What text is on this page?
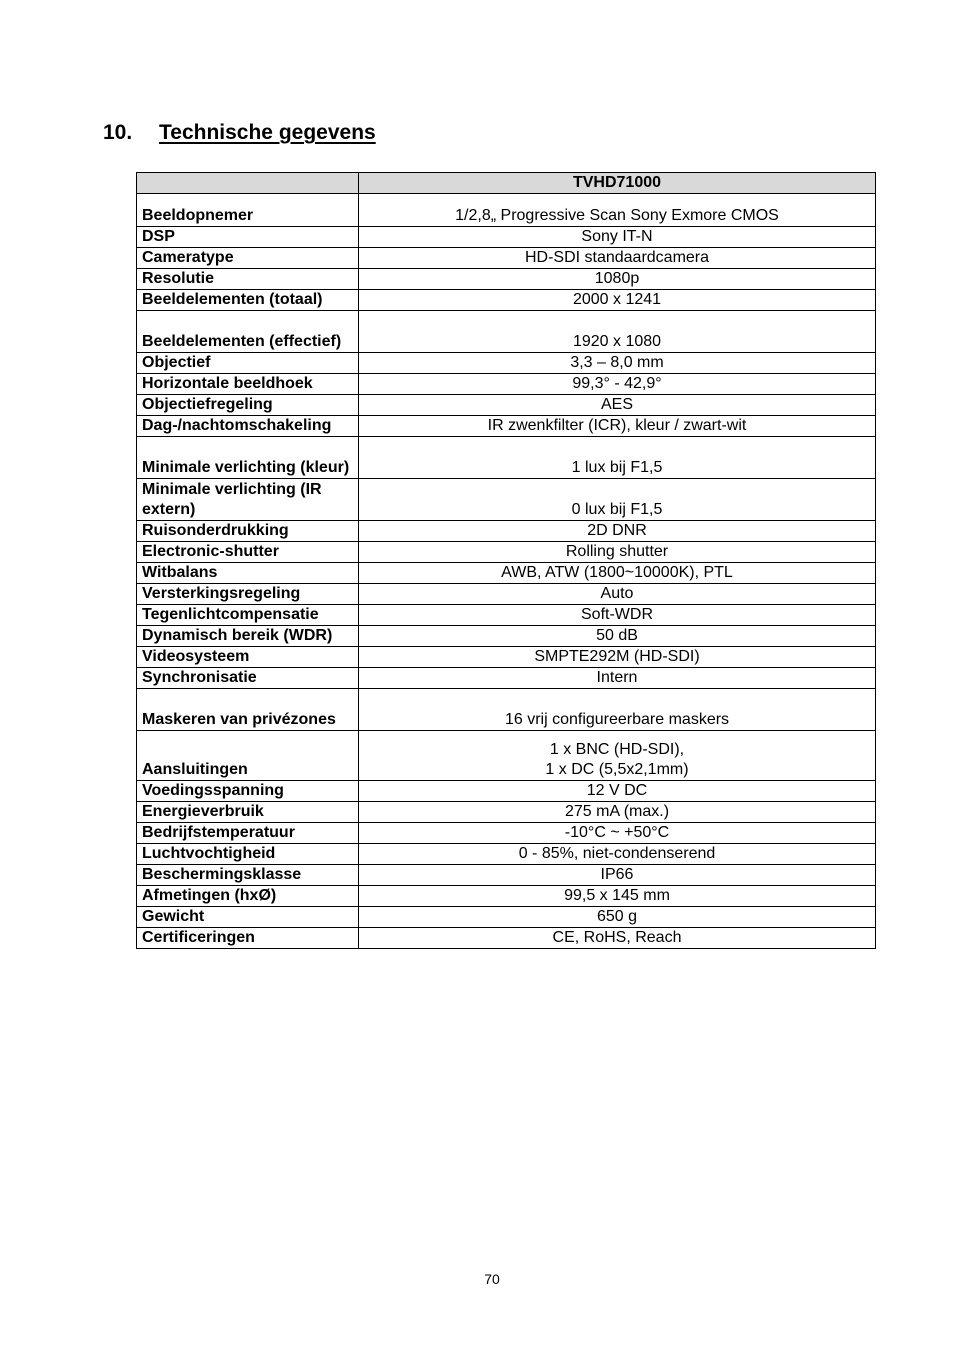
10. Technische gegevens
	TVHD71000
Beeldopnemer	1/2,8„ Progressive Scan Sony Exmore CMOS
DSP	Sony IT-N
Cameratype	HD-SDI standaardcamera
Resolutie	1080p
Beeldelementen (totaal)	2000 x 1241
Beeldelementen (effectief)	1920 x 1080
Objectief	3,3 – 8,0 mm
Horizontale beeldhoek	99,3° - 42,9°
Objectiefregeling	AES
Dag-/nachtomschakeling	IR zwenkfilter (ICR), kleur / zwart-wit
Minimale verlichting (kleur)	1 lux bij F1,5
Minimale verlichting (IR extern)	0 lux bij F1,5
Ruisonderdrukking	2D DNR
Electronic-shutter	Rolling shutter
Witbalans	AWB, ATW (1800~10000K), PTL
Versterkingsregeling	Auto
Tegenlichtcompensatie	Soft-WDR
Dynamisch bereik (WDR)	50 dB
Videosysteem	SMPTE292M (HD-SDI)
Synchronisatie	Intern
Maskeren van privézones	16 vrij configureerbare maskers
Aansluitingen	1 x BNC (HD-SDI),
1 x DC (5,5x2,1mm)
Voedingsspanning	12 V DC
Energieverbruik	275 mA (max.)
Bedrijfstemperatuur	-10°C ~ +50°C
Luchtvochtigheid	0 - 85%, niet-condenserend
Beschermingsklasse	IP66
Afmetingen (hxØ)	99,5 x 145 mm
Gewicht	650 g
Certificeringen	CE, RoHS, Reach
70
